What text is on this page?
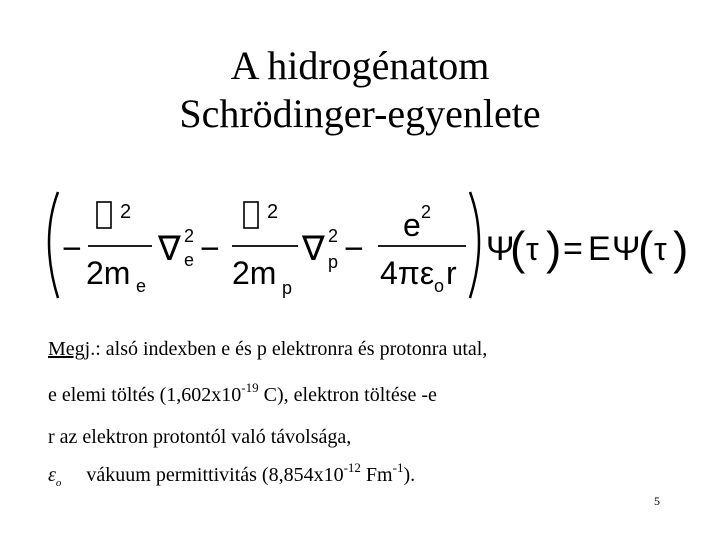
A hidrogénatom
Schrödinger-egyenlete
−
2
2m e
∇ 2
e −
2
2m p
∇ 2
p −
e 2
4πε o r
Ψ
( τ ) = E Ψ
( τ )
Megj.: alsó indexben e és p elektronra és protonra utal,
e elemi töltés ($1,602x10^{-19}$ C), elektron töltése -e
r az elektron protontól való távolsága,
$\varepsilon_o$ vákuum permittivitás ($8,854x10^{-12}$ $Fm^{-1}$).
5
